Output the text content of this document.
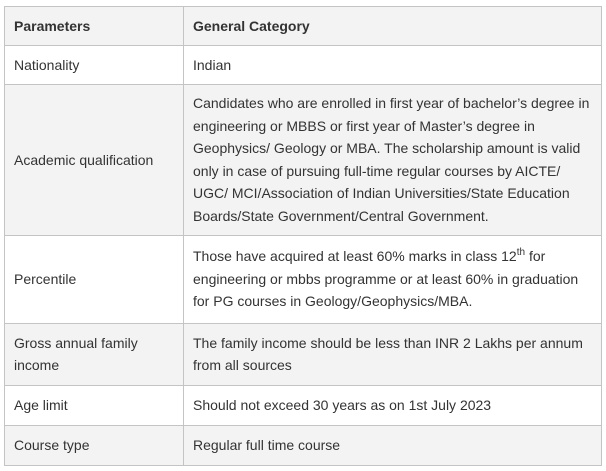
Parameters	General Category
Nationality	Indian
Academic qualification	Candidates who are enrolled in first year of bachelor’s degree in engineering or MBBS or first year of Master’s degree in Geophysics/ Geology or MBA. The scholarship amount is valid only in case of pursuing full-time regular courses by AICTE/ UGC/ MCI/Association of Indian Universities/State Education Boards/State Government/Central Government.
Percentile	Those have acquired at least 60% marks in class 12th for engineering or mbbs programme or at least 60% in graduation for PG courses in Geology/Geophysics/MBA.
Gross annual family income	The family income should be less than INR 2 Lakhs per annum from all sources
Age limit	Should not exceed 30 years as on 1st July 2023
Course type	Regular full time course
